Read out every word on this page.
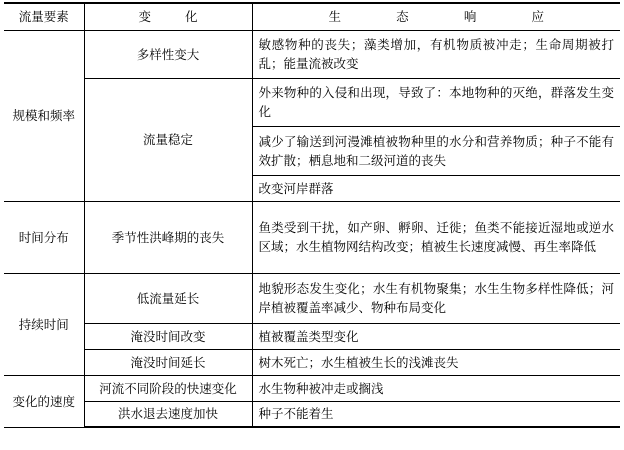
流量要素	变 化	生 态 响 应

规模和频率	多样性变大	敏感物种的丧失；藻类增加，有机物质被冲走；生命周期被打乱；能量流被改变
	流量稳定	外来物种的入侵和出现，导致了：本地物种的灭绝，群落发生变化
		减少了输送到河漫滩植被物种里的水分和营养物质；种子不能有效扩散；栖息地和二级河道的丧失
		改变河岸群落
时间分布	季节性洪峰期的丧失	鱼类受到干扰，如产卵、孵卵、迁徙；鱼类不能接近湿地或逆水区域；水生植物网结构改变；植被生长速度减慢、再生率降低
持续时间	低流量延长	地貌形态发生变化；水生有机物聚集；水生生物多样性降低；河岸植被覆盖率减少、物种布局变化
	淹没时间改变	植被覆盖类型变化
	淹没时间延长	树木死亡；水生植被生长的浅滩丧失
变化的速度	河流不同阶段的快速变化	水生物种被冲走或搁浅
	洪水退去速度加快	种子不能着生
